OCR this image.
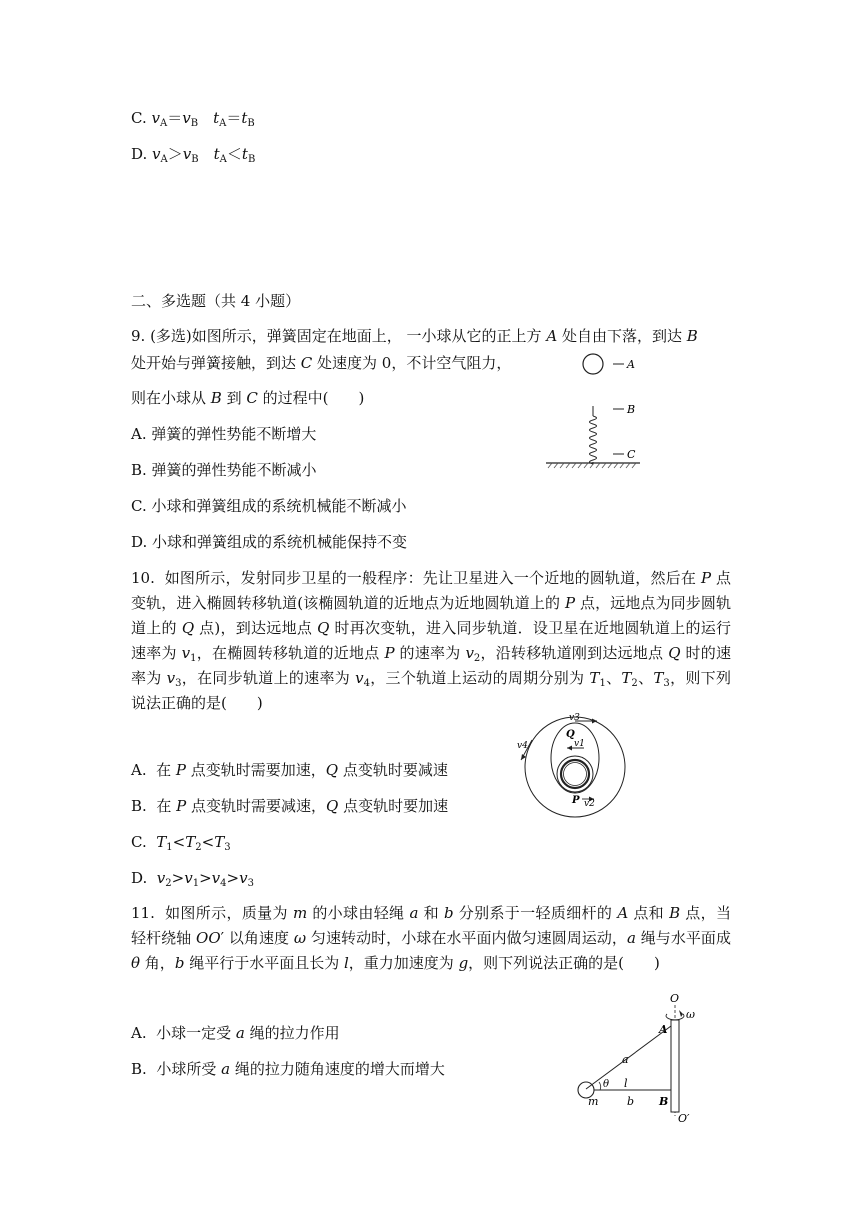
C. $v_A=v_B$　 $t_A=t_B$
D. $v_A>v_B$　 $t_A<t_B$
二、多选题（共 4 小题）
9. (多选)如图所示，弹簧固定在地面上， 一小球从它的正上方 A 处自由下落，到达 B
处开始与弹簧接触，到达 C 处速度为 0，不计空气阻力，
则在小球从 B 到 C 的过程中(　　)
A. 弹簧的弹性势能不断增大
B. 弹簧的弹性势能不断减小
C. 小球和弹簧组成的系统机械能不断减小
D. 小球和弹簧组成的系统机械能保持不变
A
B
C
10.  如图所示，发射同步卫星的一般程序：先让卫星进入一个近地的圆轨道，然后在 P 点变轨，进入椭圆转移轨道(该椭圆轨道的近地点为近地圆轨道上的 P 点，远地点为同步圆轨道上的 Q 点)，到达远地点 Q 时再次变轨，进入同步轨道．设卫星在近地圆轨道上的运行速率为 $v_1$，在椭圆转移轨道的近地点 P 的速率为 $v_2$，沿转移轨道刚到达远地点 Q 时的速率为 $v_3$，在同步轨道上的速率为 $v_4$，三个轨道上运动的周期分别为 $T_1$、$T_2$、$T_3$，则下列说法正确的是(　　)
A.  在 P 点变轨时需要加速，Q 点变轨时要减速
B.  在 P 点变轨时需要减速，Q 点变轨时要加速
C.  $T_1<T_2<T_3$
D.  $v_2>v_1>v_4>v_3$
v3
v4
Q
v1
P v2
11.  如图所示，质量为 m 的小球由轻绳 a 和 b 分别系于一轻质细杆的 A 点和 B 点，当轻杆绕轴 OO′ 以角速度 ω 匀速转动时，小球在水平面内做匀速圆周运动，a 绳与水平面成 θ 角，b 绳平行于水平面且长为 l，重力加速度为 g，则下列说法正确的是(　　)
A.  小球一定受 a 绳的拉力作用
B.  小球所受 a 绳的拉力随角速度的增大而增大
O
ω
A
a
θ l
b
m	B
O′
